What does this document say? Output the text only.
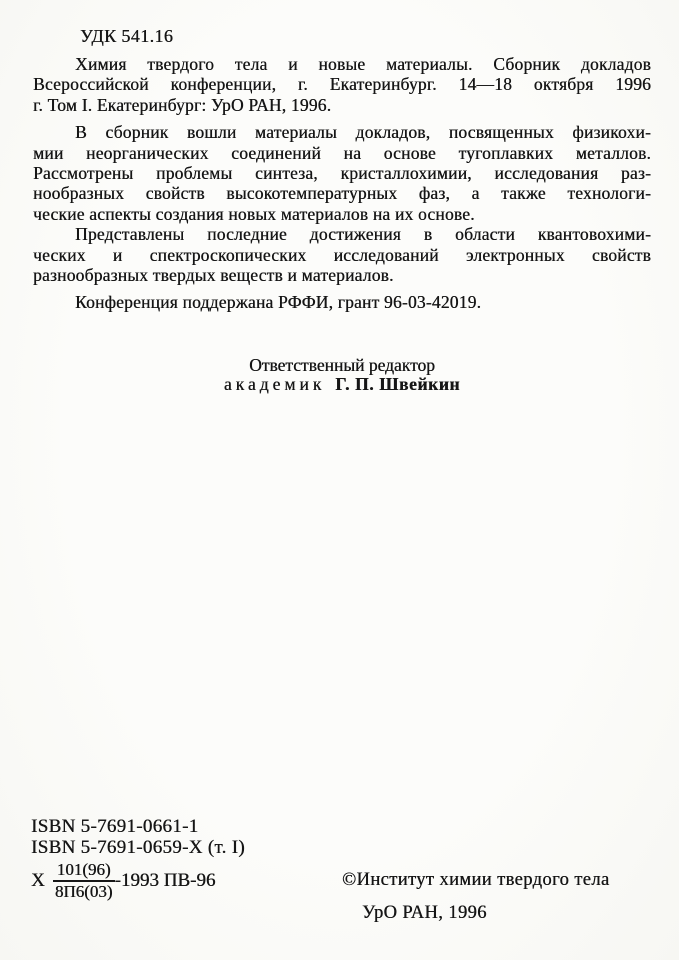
УДК 541.16
Химия твердого тела и новые материалы. Сборник докладов
Всероссийской конференции, г. Екатеринбург. 14—18 октября 1996
г. Том I. Екатеринбург: УрО РАН, 1996.
В сборник вошли материалы докладов, посвященных физикохи-
мии неорганических соединений на основе тугоплавких металлов.
Рассмотрены проблемы синтеза, кристаллохимии, исследования раз-
нообразных свойств высокотемпературных фаз, а также технологи-
ческие аспекты создания новых материалов на их основе.
Представлены последние достижения в области квантовохими-
ческих и спектроскопических исследований электронных свойств
разнообразных твердых веществ и материалов.
Конференция поддержана РФФИ, грант 96-03-42019.
Ответственный редактор
академик Г. П. Швейкин
ISBN 5-7691-0661-1
ISBN 5-7691-0659-X (т. I)
Х $\frac{101(96)}{8П6(03)} -1993$ ПВ-96	©Институт химии твердого тела
УрО РАН, 1996
